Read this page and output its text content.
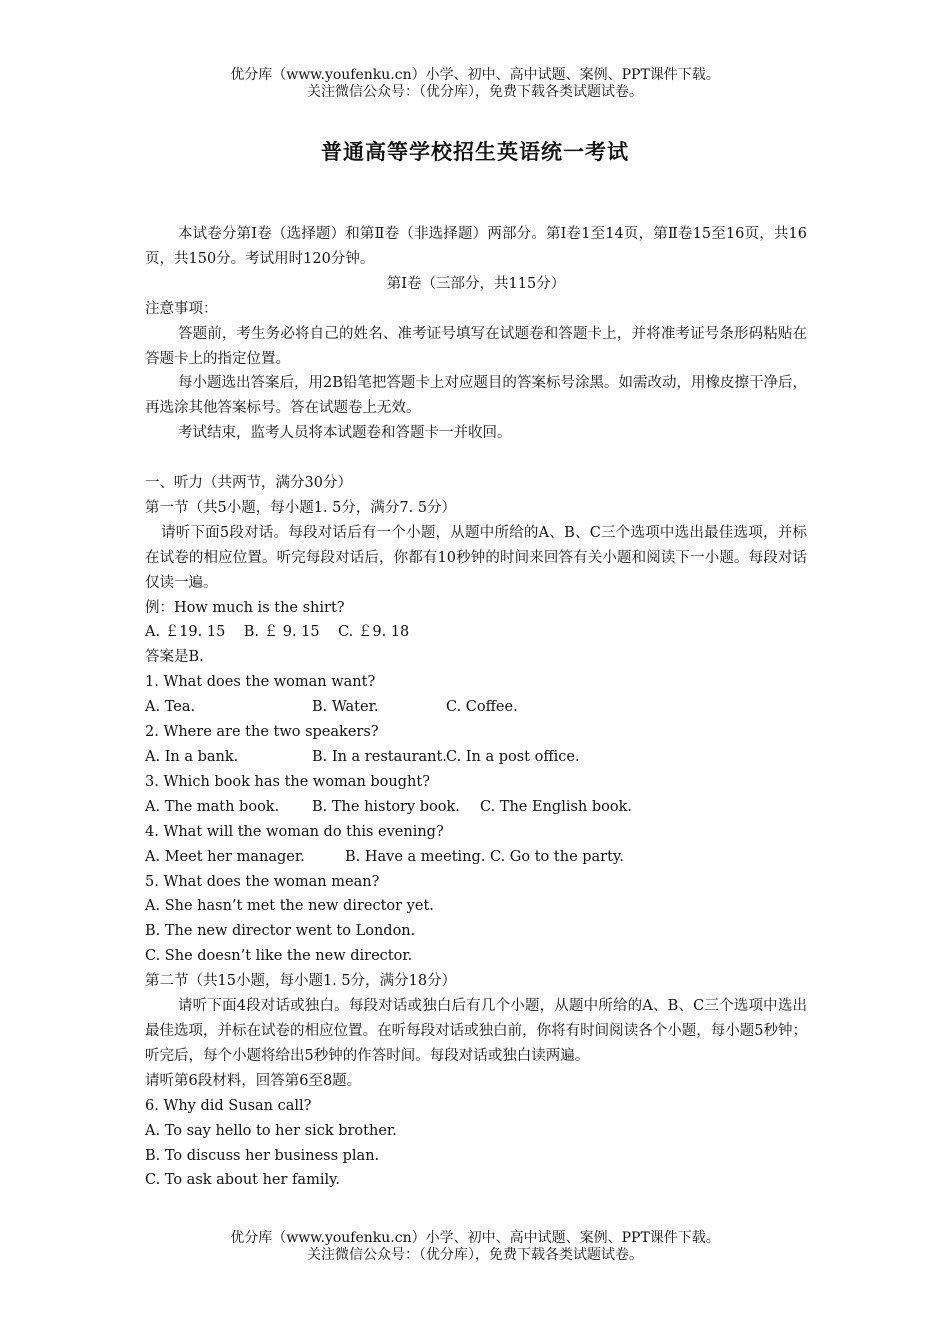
优分库（www.youfenku.cn）小学、初中、高中试题、案例、PPT课件下载。
关注微信公众号：（优分库），免费下载各类试题试卷。
普通高等学校招生英语统一考试

本试卷分第Ⅰ卷（选择题）和第Ⅱ卷（非选择题）两部分。第Ⅰ卷1至14页，第Ⅱ卷15至16页，共16页，共150分。考试用时120分钟。

第Ⅰ卷（三部分，共115分）

注意事项：

答题前，考生务必将自己的姓名、准考证号填写在试题卷和答题卡上，并将准考证号条形码粘贴在答题卡上的指定位置。

每小题选出答案后，用2B铅笔把答题卡上对应题目的答案标号涂黑。如需改动，用橡皮擦干净后，再选涂其他答案标号。答在试题卷上无效。

考试结束，监考人员将本试题卷和答题卡一并收回。

一、听力（共两节，满分30分）

第一节（共5小题，每小题1. 5分，满分7. 5分）

请听下面5段对话。每段对话后有一个小题，从题中所给的A、B、C三个选项中选出最佳选项，并标在试卷的相应位置。听完每段对话后，你都有10秒钟的时间来回答有关小题和阅读下一小题。每段对话仅读一遍。

例：How much is the shirt?

A. ￡19. 15 B. ￡ 9. 15 C. ￡9. 18

答案是B.

1. What does the woman want?

A. Tea.	B. Water.	C. Coffee.

2. Where are the two speakers?

A. In a bank.	B. In a restaurant.C. In a post office.

3. Which book has the woman bought?

A. The math book. B. The history book. C. The English book.

4. What will the woman do this evening?

A. Meet her manager.	B. Have a meeting. C. Go to the party.

5. What does the woman mean?

A. She hasn’t met the new director yet.

B. The new director went to London.

C. She doesn’t like the new director.

第二节（共15小题，每小题1. 5分，满分18分）

请听下面4段对话或独白。每段对话或独白后有几个小题，从题中所给的A、B、C三个选项中选出最佳选项，并标在试卷的相应位置。在听每段对话或独白前，你将有时间阅读各个小题，每小题5秒钟；听完后，每个小题将给出5秒钟的作答时间。每段对话或独白读两遍。

请听第6段材料，回答第6至8题。

6. Why did Susan call?

A. To say hello to her sick brother.

B. To discuss her business plan.

C. To ask about her family.

优分库（www.youfenku.cn）小学、初中、高中试题、案例、PPT课件下载。
关注微信公众号：（优分库），免费下载各类试题试卷。
